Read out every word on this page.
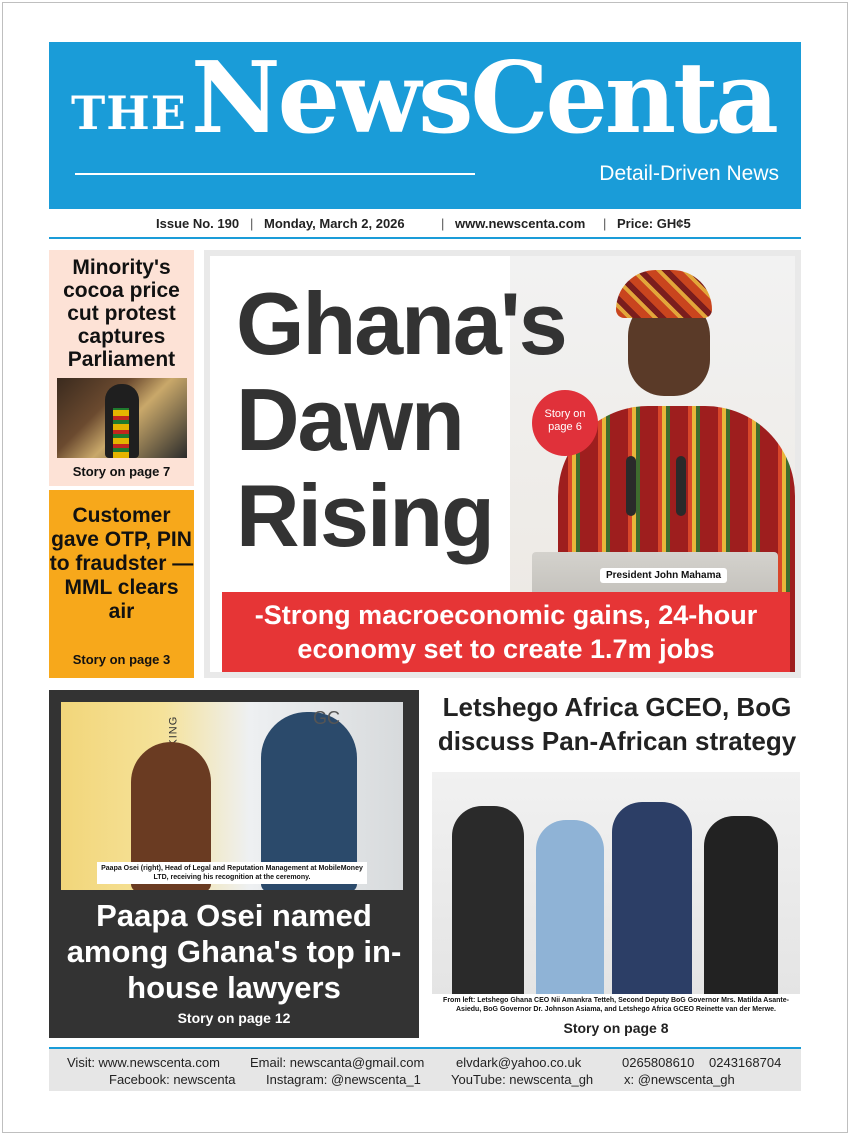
THE NewsCenta
Detail-Driven News
Issue No. 190 | Monday, March 2, 2026	| www.newscenta.com | Price: GH¢5
Minority's cocoa price cut protest captures Parliament
Story on page 7
Customer gave OTP, PIN to fraudster — MML clears air
Story on page 3
President John Mahama
Ghana's
Dawn
Rising
Story on page 6
-Strong macroeconomic gains, 24-hour economy set to create 1.7m jobs
GC
Paapa Osei (right), Head of Legal and Reputation Management at MobileMoney LTD, receiving his recognition at the ceremony.
Paapa Osei named among Ghana's top in-house lawyers
Story on page 12
Letshego Africa GCEO, BoG discuss Pan-African strategy
From left: Letshego Ghana CEO Nii Amankra Tetteh, Second Deputy BoG Governor Mrs. Matilda Asante-Asiedu, BoG Governor Dr. Johnson Asiama, and Letshego Africa GCEO Reinette van der Merwe.
Story on page 8
Visit: www.newscenta.com Email: newscanta@gmail.com elvdark@yahoo.co.uk	0265808610 0243168704
Facebook: newscenta Instagram: @newscenta_1 YouTube: newscenta_gh x: @newscenta_gh
